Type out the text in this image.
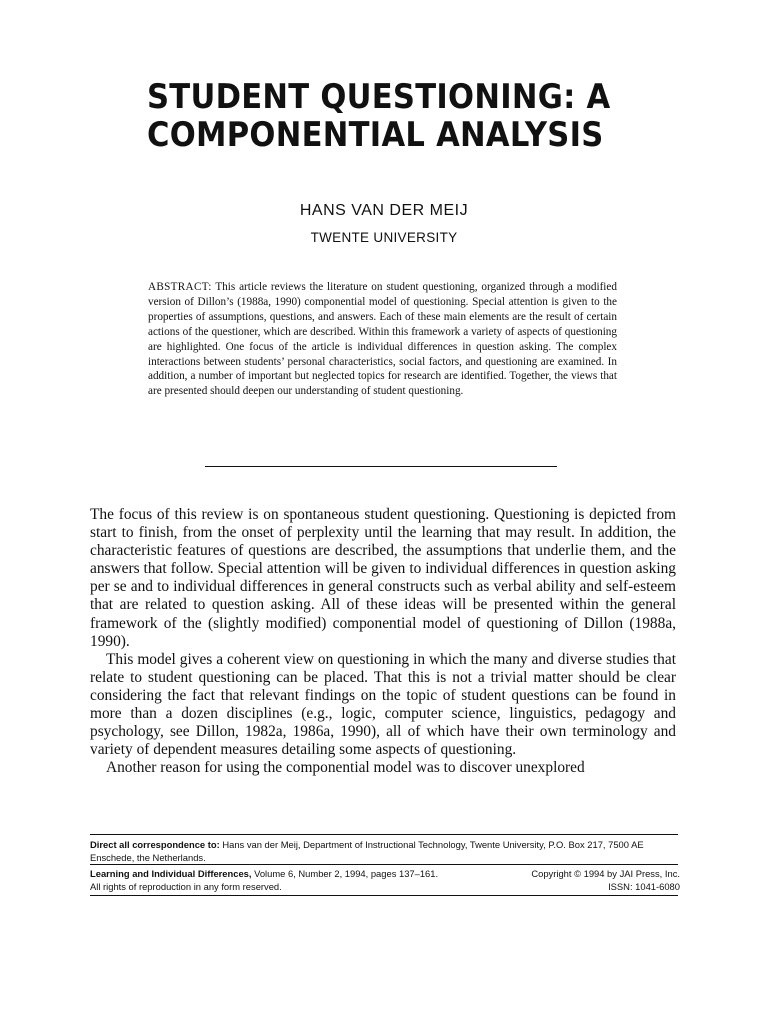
STUDENT QUESTIONING: A COMPONENTIAL ANALYSIS
HANS VAN DER MEIJ
TWENTE UNIVERSITY
ABSTRACT: This article reviews the literature on student questioning, organized through a modified version of Dillon’s (1988a, 1990) componential model of questioning. Special attention is given to the properties of assumptions, questions, and answers. Each of these main elements are the result of certain actions of the questioner, which are described. Within this framework a variety of aspects of questioning are highlighted. One focus of the article is individual differences in question asking. The complex interactions between students’ personal characteristics, social factors, and questioning are examined. In addition, a number of important but neglected topics for research are identified. Together, the views that are presented should deepen our understanding of student questioning.

The focus of this review is on spontaneous student questioning. Questioning is depicted from start to finish, from the onset of perplexity until the learning that may result. In addition, the characteristic features of questions are described, the assumptions that underlie them, and the answers that follow. Special attention will be given to individual differences in question asking per se and to individual differences in general constructs such as verbal ability and self-esteem that are related to question asking. All of these ideas will be presented within the general framework of the (slightly modified) componential model of questioning of Dillon (1988a, 1990).

This model gives a coherent view on questioning in which the many and diverse studies that relate to student questioning can be placed. That this is not a trivial matter should be clear considering the fact that relevant findings on the topic of student questions can be found in more than a dozen disciplines (e.g., logic, computer science, linguistics, pedagogy and psychology, see Dillon, 1982a, 1986a, 1990), all of which have their own terminology and variety of dependent measures detailing some aspects of questioning.

Another reason for using the componential model was to discover unexplored

Direct all correspondence to: Hans van der Meij, Department of Instructional Technology, Twente University, P.O. Box 217, 7500 AE Enschede, the Netherlands.
Learning and Individual Differences, Volume 6, Number 2, 1994, pages 137–161.	Copyright © 1994 by JAI Press, Inc.
All rights of reproduction in any form reserved.	ISSN: 1041-6080
